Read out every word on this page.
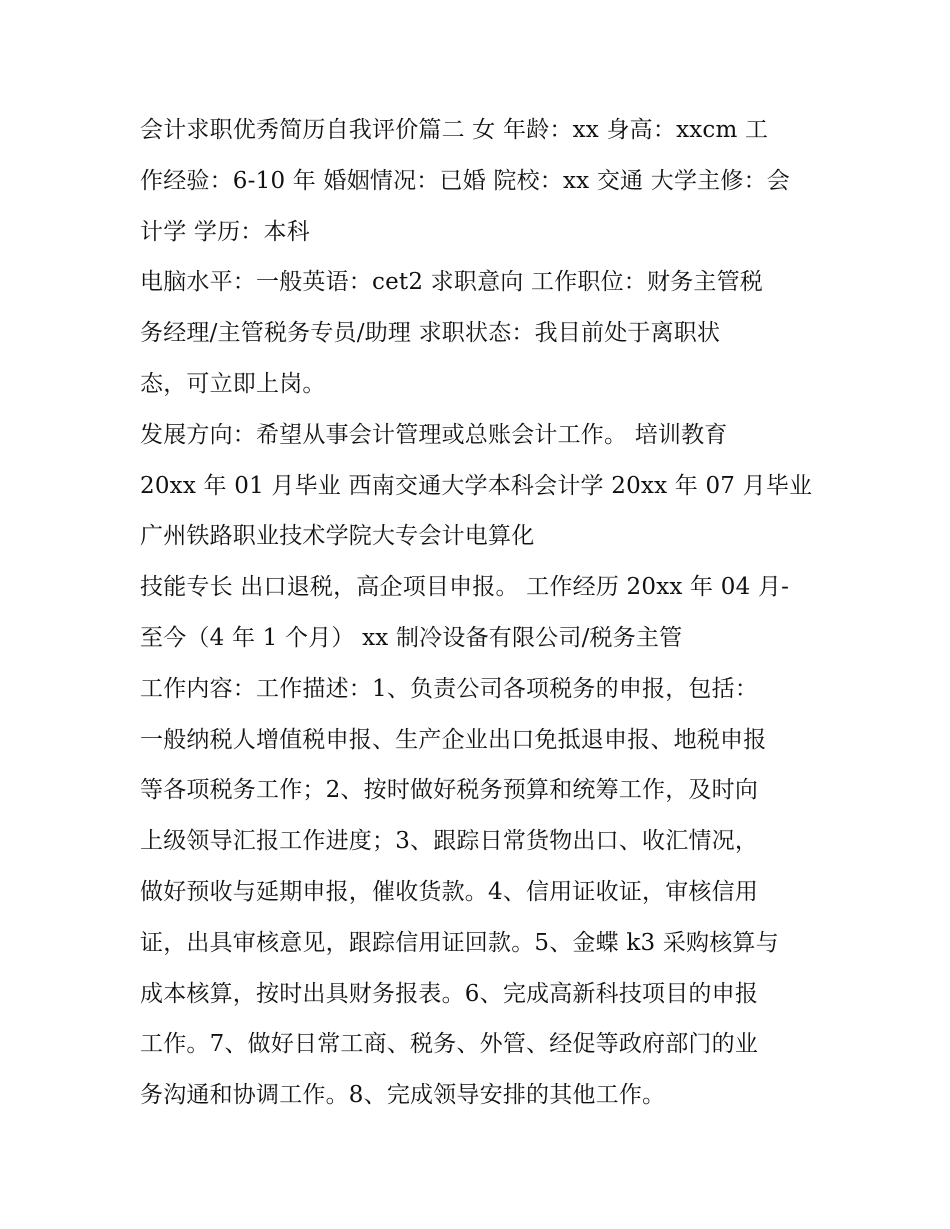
会计求职优秀简历自我评价篇二 女 年龄：xx 身高：xxcm 工
作经验：6-10 年 婚姻情况：已婚 院校：xx 交通 大学主修：会
计学 学历：本科
电脑水平：一般英语：cet2 求职意向 工作职位：财务主管税
务经理/主管税务专员/助理 求职状态：我目前处于离职状
态，可立即上岗。
发展方向：希望从事会计管理或总账会计工作。 培训教育
20xx 年 01 月毕业 西南交通大学本科会计学 20xx 年 07 月毕业
广州铁路职业技术学院大专会计电算化
技能专长 出口退税，高企项目申报。 工作经历 20xx 年 04 月-
至今（4 年 1 个月） xx 制冷设备有限公司/税务主管
工作内容：工作描述：1、负责公司各项税务的申报，包括：
一般纳税人增值税申报、生产企业出口免抵退申报、地税申报
等各项税务工作；2、按时做好税务预算和统筹工作，及时向
上级领导汇报工作进度；3、跟踪日常货物出口、收汇情况，
做好预收与延期申报，催收货款。4、信用证收证，审核信用
证，出具审核意见，跟踪信用证回款。5、金蝶 k3 采购核算与
成本核算，按时出具财务报表。6、完成高新科技项目的申报
工作。7、做好日常工商、税务、外管、经促等政府部门的业
务沟通和协调工作。8、完成领导安排的其他工作。
